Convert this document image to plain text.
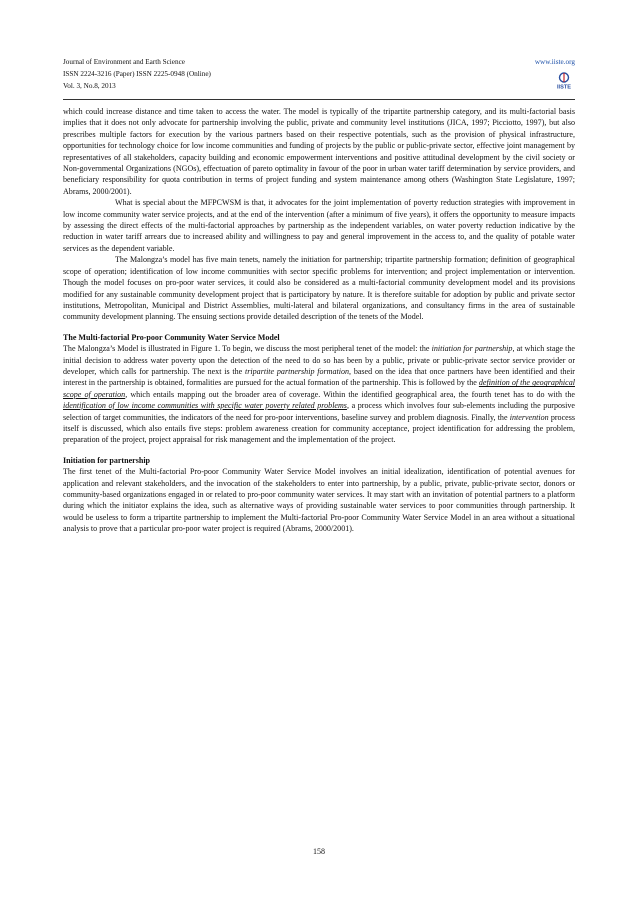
Journal of Environment and Earth Science
ISSN 2224-3216 (Paper) ISSN 2225-0948 (Online)
Vol. 3, No.8, 2013
www.iiste.org
IISTE

which could increase distance and time taken to access the water. The model is typically of the tripartite partnership category, and its multi-factorial basis implies that it does not only advocate for partnership involving the public, private and community level institutions (JICA, 1997; Picciotto, 1997), but also prescribes multiple factors for execution by the various partners based on their respective potentials, such as the provision of physical infrastructure, opportunities for technology choice for low income communities and funding of projects by the public or public-private sector, effective joint management by representatives of all stakeholders, capacity building and economic empowerment interventions and positive attitudinal development by the civil society or Non-governmental Organizations (NGOs), effectuation of pareto optimality in favour of the poor in urban water tariff determination by service providers, and beneficiary responsibility for quota contribution in terms of project funding and system maintenance among others (Washington State Legislature, 1997; Abrams, 2000/2001).

What is special about the MFPCWSM is that, it advocates for the joint implementation of poverty reduction strategies with improvement in low income community water service projects, and at the end of the intervention (after a minimum of five years), it offers the opportunity to measure impacts by assessing the direct effects of the multi-factorial approaches by partnership as the independent variables, on water poverty reduction indicative by the reduction in water tariff arrears due to increased ability and willingness to pay and general improvement in the access to, and the quality of potable water services as the dependent variable.

The Malongza’s model has five main tenets, namely the initiation for partnership; tripartite partnership formation; definition of geographical scope of operation; identification of low income communities with sector specific problems for intervention; and project implementation or intervention. Though the model focuses on pro-poor water services, it could also be considered as a multi-factorial community development model and its provisions modified for any sustainable community development project that is participatory by nature. It is therefore suitable for adoption by public and private sector institutions, Metropolitan, Municipal and District Assemblies, multi-lateral and bilateral organizations, and consultancy firms in the area of sustainable community development planning. The ensuing sections provide detailed description of the tenets of the Model.

The Multi-factorial Pro-poor Community Water Service Model

The Malongza’s Model is illustrated in Figure 1. To begin, we discuss the most peripheral tenet of the model: the initiation for partnership, at which stage the initial decision to address water poverty upon the detection of the need to do so has been by a public, private or public-private sector service provider or developer, which calls for partnership. The next is the tripartite partnership formation, based on the idea that once partners have been identified and their interest in the partnership is obtained, formalities are pursued for the actual formation of the partnership. This is followed by the definition of the geographical scope of operation, which entails mapping out the broader area of coverage. Within the identified geographical area, the fourth tenet has to do with the identification of low income communities with specific water poverty related problems, a process which involves four sub-elements including the purposive selection of target communities, the indicators of the need for pro-poor interventions, baseline survey and problem diagnosis. Finally, the intervention process itself is discussed, which also entails five steps: problem awareness creation for community acceptance, project identification for addressing the problem, preparation of the project, project appraisal for risk management and the implementation of the project.

Initiation for partnership

The first tenet of the Multi-factorial Pro-poor Community Water Service Model involves an initial idealization, identification of potential avenues for application and relevant stakeholders, and the invocation of the stakeholders to enter into partnership, by a public, private, public-private sector, donors or community-based organizations engaged in or related to pro-poor community water services. It may start with an invitation of potential partners to a platform during which the initiator explains the idea, such as alternative ways of providing sustainable water services to poor communities through partnership. It would be useless to form a tripartite partnership to implement the Multi-factorial Pro-poor Community Water Service Model in an area without a situational analysis to prove that a particular pro-poor water project is required (Abrams, 2000/2001).

158
